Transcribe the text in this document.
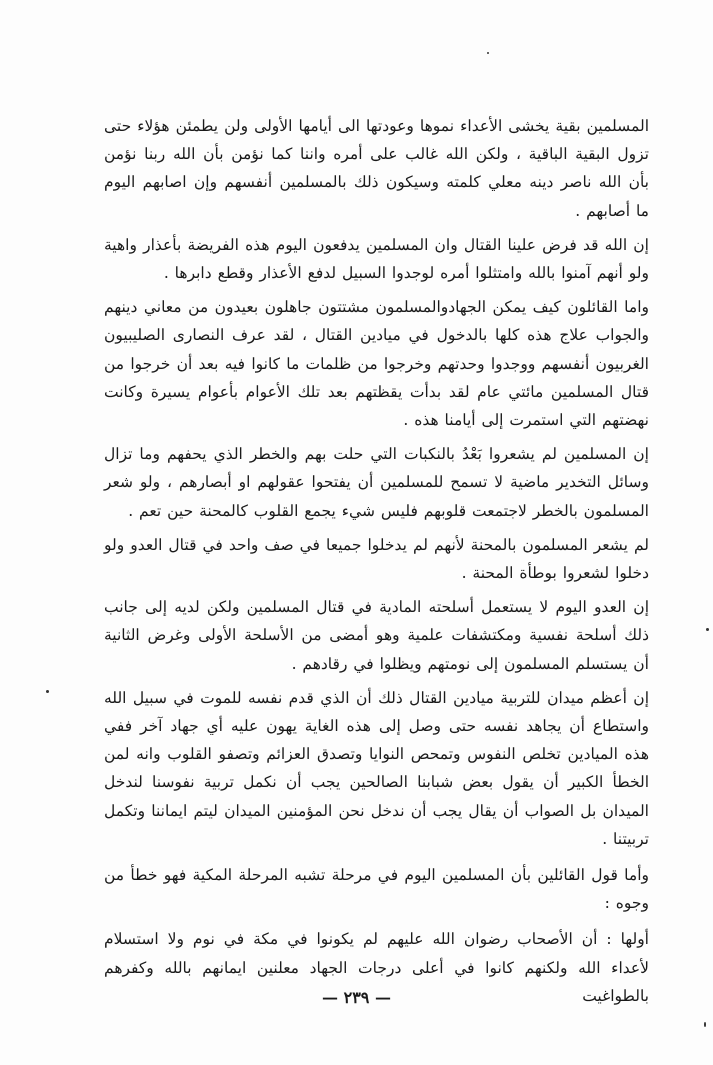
المسلمين بقية يخشى الأعداء نموها وعودتها الى أيامها الأولى ولن يطمئن هؤلاء حتى تزول البقية الباقية ، ولكن الله غالب على أمره واننا كما نؤمن بأن الله ربنا نؤمن بأن الله ناصر دينه معلي كلمته وسيكون ذلك بالمسلمين أنفسهم وإن اصابهم اليوم ما أصابهم .

إن الله قد فرض علينا القتال وان المسلمين يدفعون اليوم هذه الفريضة بأعذار واهية ولو أنهم آمنوا بالله وامتثلوا أمره لوجدوا السبيل لدفع الأعذار وقطع دابرها .

واما القائلون كيف يمكن الجهادوالمسلمون مشتتون جاهلون بعيدون من معاني دينهم والجواب علاج هذه كلها بالدخول في ميادين القتال ، لقد عرف النصارى الصليبيون الغربيون أنفسهم ووجدوا وحدتهم وخرجوا من ظلمات ما كانوا فيه بعد أن خرجوا من قتال المسلمين مائتي عام لقد بدأت يقظتهم بعد تلك الأعوام بأعوام يسيرة وكانت نهضتهم التي استمرت إلى أيامنا هذه .

إن المسلمين لم يشعروا بَعْدُ بالنكبات التي حلت بهم والخطر الذي يحفهم وما تزال وسائل التخدير ماضية لا تسمح للمسلمين أن يفتحوا عقولهم او أبصارهم ، ولو شعر المسلمون بالخطر لاجتمعت قلوبهم فليس شيء يجمع القلوب كالمحنة حين تعم .

لم يشعر المسلمون بالمحنة لأنهم لم يدخلوا جميعا في صف واحد في قتال العدو ولو دخلوا لشعروا بوطأة المحنة .

إن العدو اليوم لا يستعمل أسلحته المادية في قتال المسلمين ولكن لديه إلى جانب ذلك أسلحة نفسية ومكتشفات علمية وهو أمضى من الأسلحة الأولى وغرض الثانية أن يستسلم المسلمون إلى نومتهم ويظلوا في رقادهم .

إن أعظم ميدان للتربية ميادين القتال ذلك أن الذي قدم نفسه للموت في سبيل الله واستطاع أن يجاهد نفسه حتى وصل إلى هذه الغاية يهون عليه أي جهاد آخر ففي هذه الميادين تخلص النفوس وتمحص النوايا وتصدق العزائم وتصفو القلوب وانه لمن الخطأ الكبير أن يقول بعض شبابنا الصالحين يجب أن نكمل تربية نفوسنا لندخل الميدان بل الصواب أن يقال يجب أن ندخل نحن المؤمنين الميدان ليتم ايماننا وتكمل تربيتنا .

وأما قول القائلين بأن المسلمين اليوم في مرحلة تشبه المرحلة المكية فهو خطأ من وجوه :

أولها : أن الأصحاب رضوان الله عليهم لم يكونوا في مكة في نوم ولا استسلام لأعداء الله ولكنهم كانوا في أعلى درجات الجهاد معلنين ايمانهم بالله وكفرهم بالطواغيت

— ٢٣٩ —
